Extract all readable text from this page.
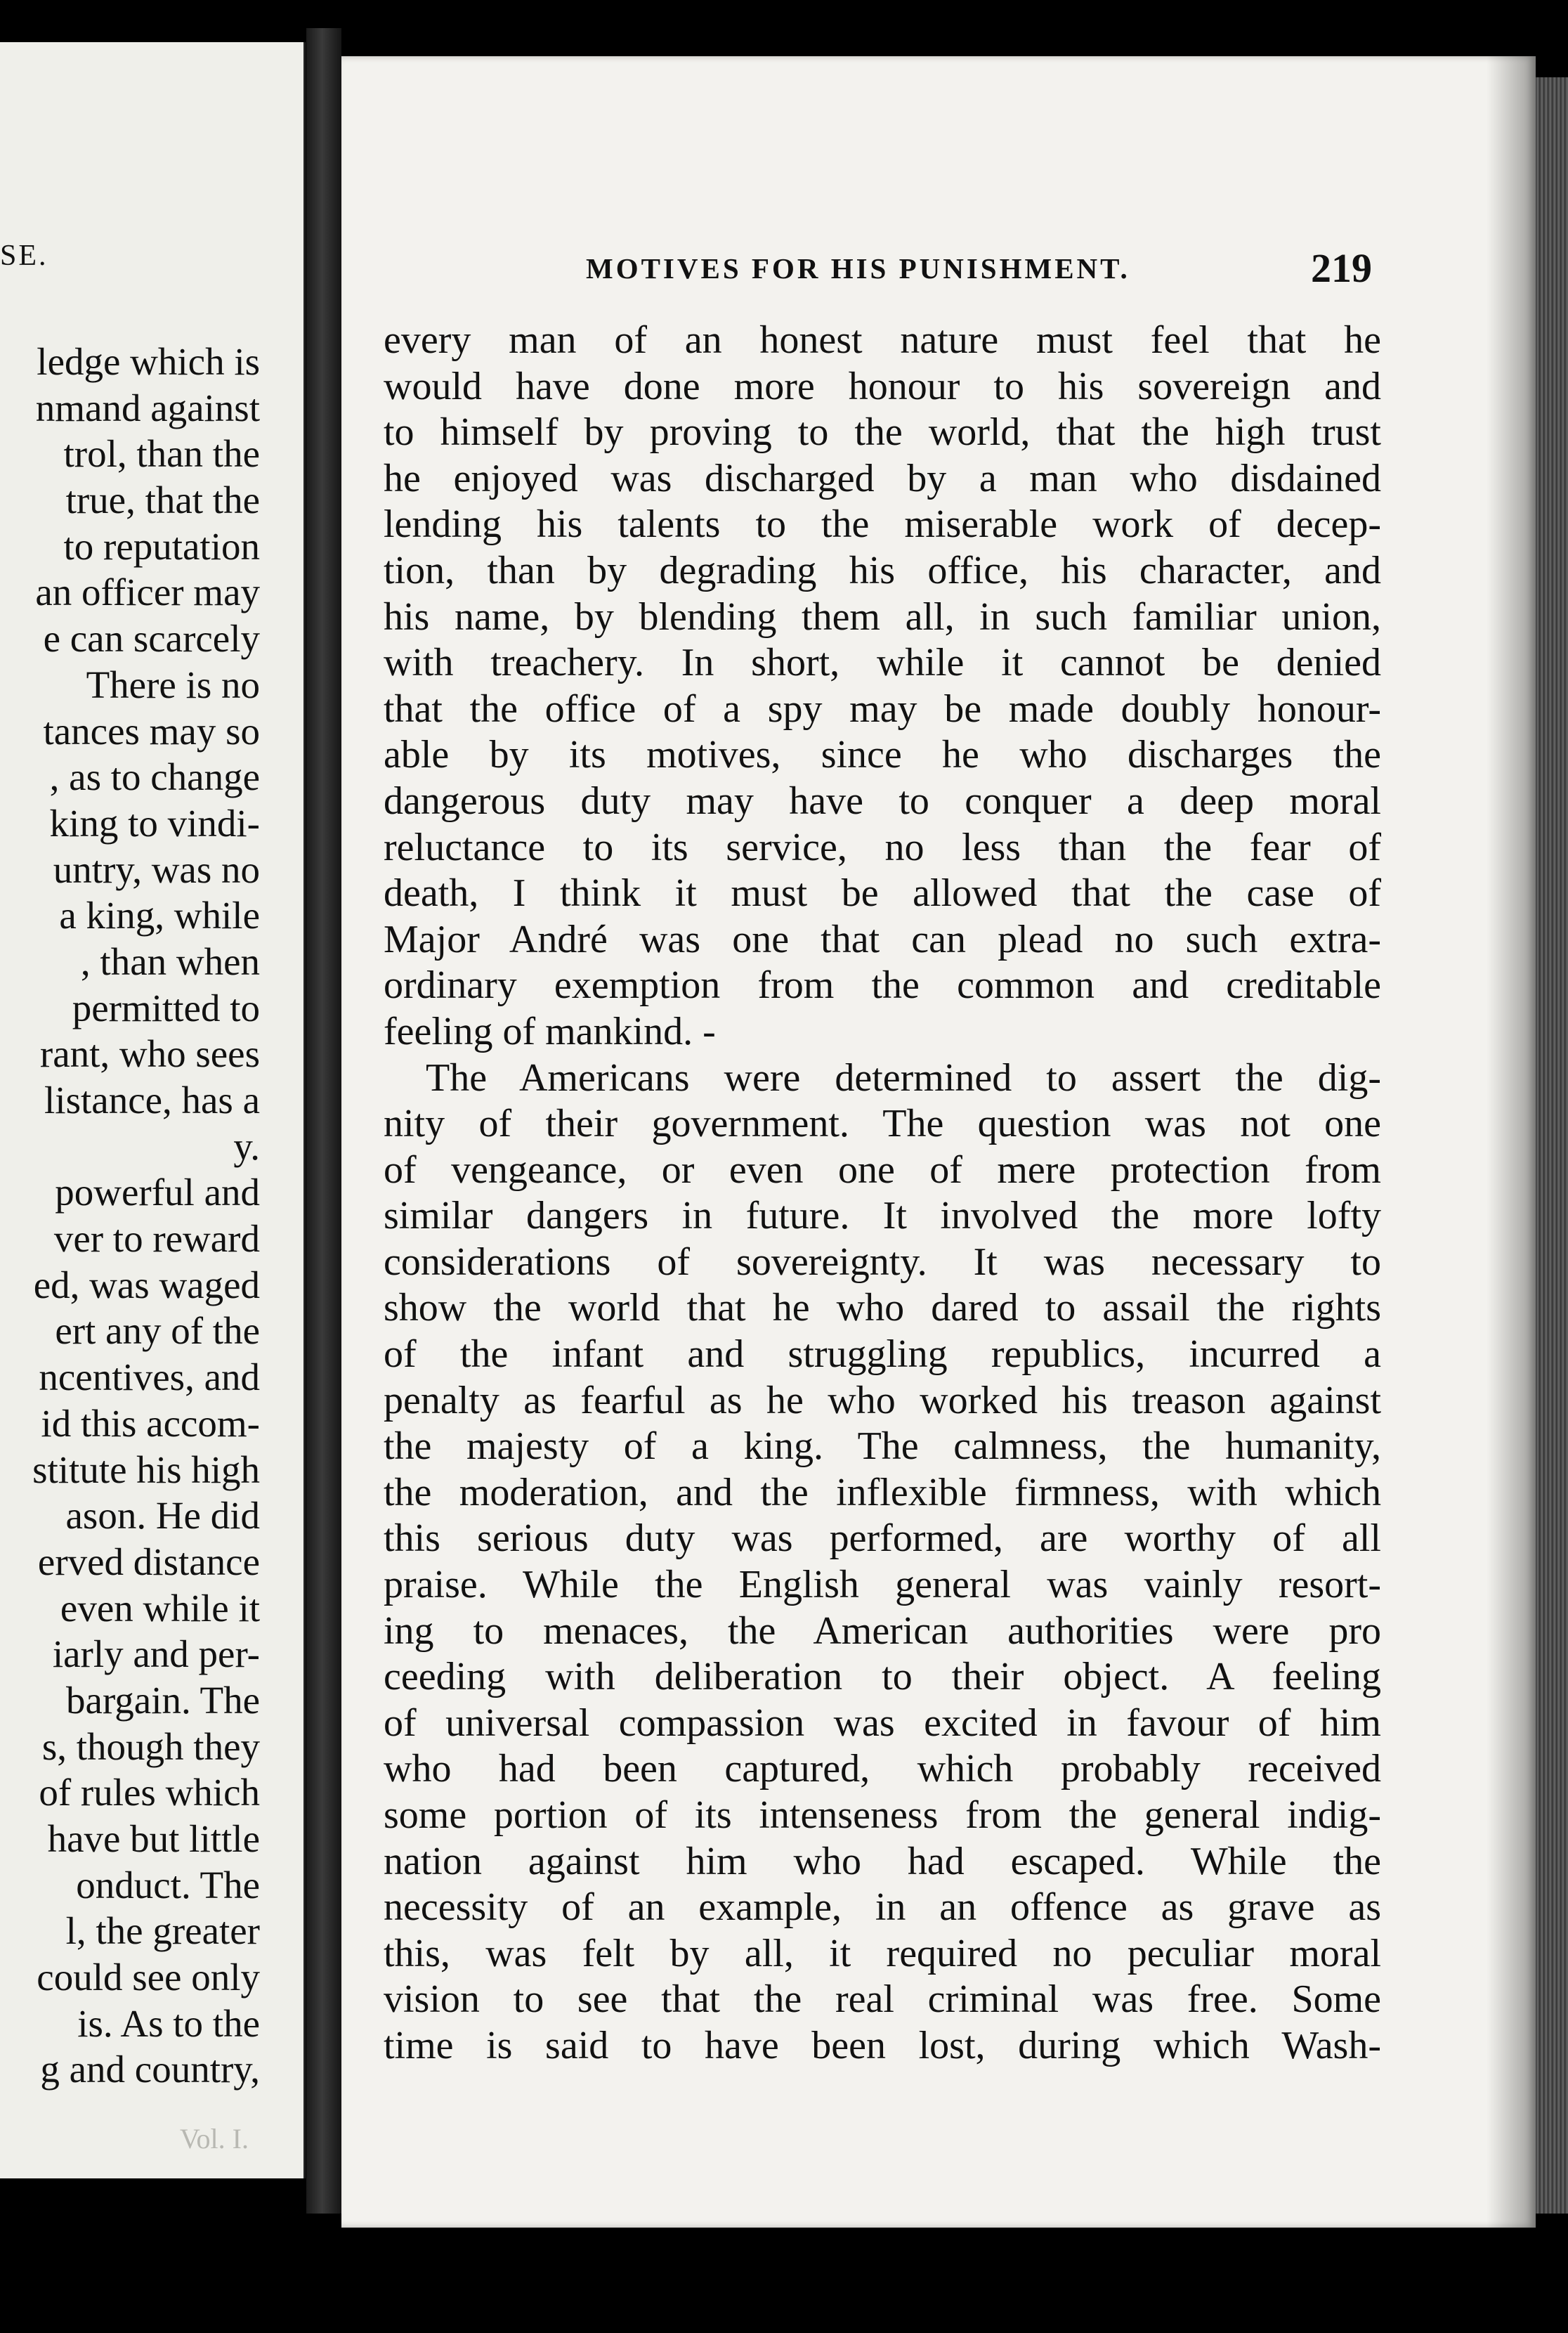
SE.
ledge which is
nmand against
trol, than the
true, that the
to reputation
an officer may
e can scarcely
There is no
tances may so
, as to change
king to vindi-
untry, was no
a king, while
, than when
permitted to
rant, who sees
listance, has a
y.
powerful and
ver to reward
ed, was waged
ert any of the
ncentives, and
id this accom-
stitute his high
ason. He did
erved distance
even while it
iarly and per-
bargain. The
s, though they
of rules which
have but little
onduct. The
l, the greater
could see only
is. As to the
g and country,
Vol. I.
MOTIVES FOR HIS PUNISHMENT.	219
every man of an honest nature must feel that he
would have done more honour to his sovereign and
to himself by proving to the world, that the high trust
he enjoyed was discharged by a man who disdained
lending his talents to the miserable work of decep-
tion, than by degrading his office, his character, and
his name, by blending them all, in such familiar union,
with treachery. In short, while it cannot be denied
that the office of a spy may be made doubly honour-
able by its motives, since he who discharges the
dangerous duty may have to conquer a deep moral
reluctance to its service, no less than the fear of
death, I think it must be allowed that the case of
Major André was one that can plead no such extra-
ordinary exemption from the common and creditable
feeling of mankind. -
The Americans were determined to assert the dig-
nity of their government. The question was not one
of vengeance, or even one of mere protection from
similar dangers in future. It involved the more lofty
considerations of sovereignty. It was necessary to
show the world that he who dared to assail the rights
of the infant and struggling republics, incurred a
penalty as fearful as he who worked his treason against
the majesty of a king. The calmness, the humanity,
the moderation, and the inflexible firmness, with which
this serious duty was performed, are worthy of all
praise. While the English general was vainly resort-
ing to menaces, the American authorities were pro
ceeding with deliberation to their object. A feeling
of universal compassion was excited in favour of him
who had been captured, which probably received
some portion of its intenseness from the general indig-
nation against him who had escaped. While the
necessity of an example, in an offence as grave as
this, was felt by all, it required no peculiar moral
vision to see that the real criminal was free. Some
time is said to have been lost, during which Wash-
